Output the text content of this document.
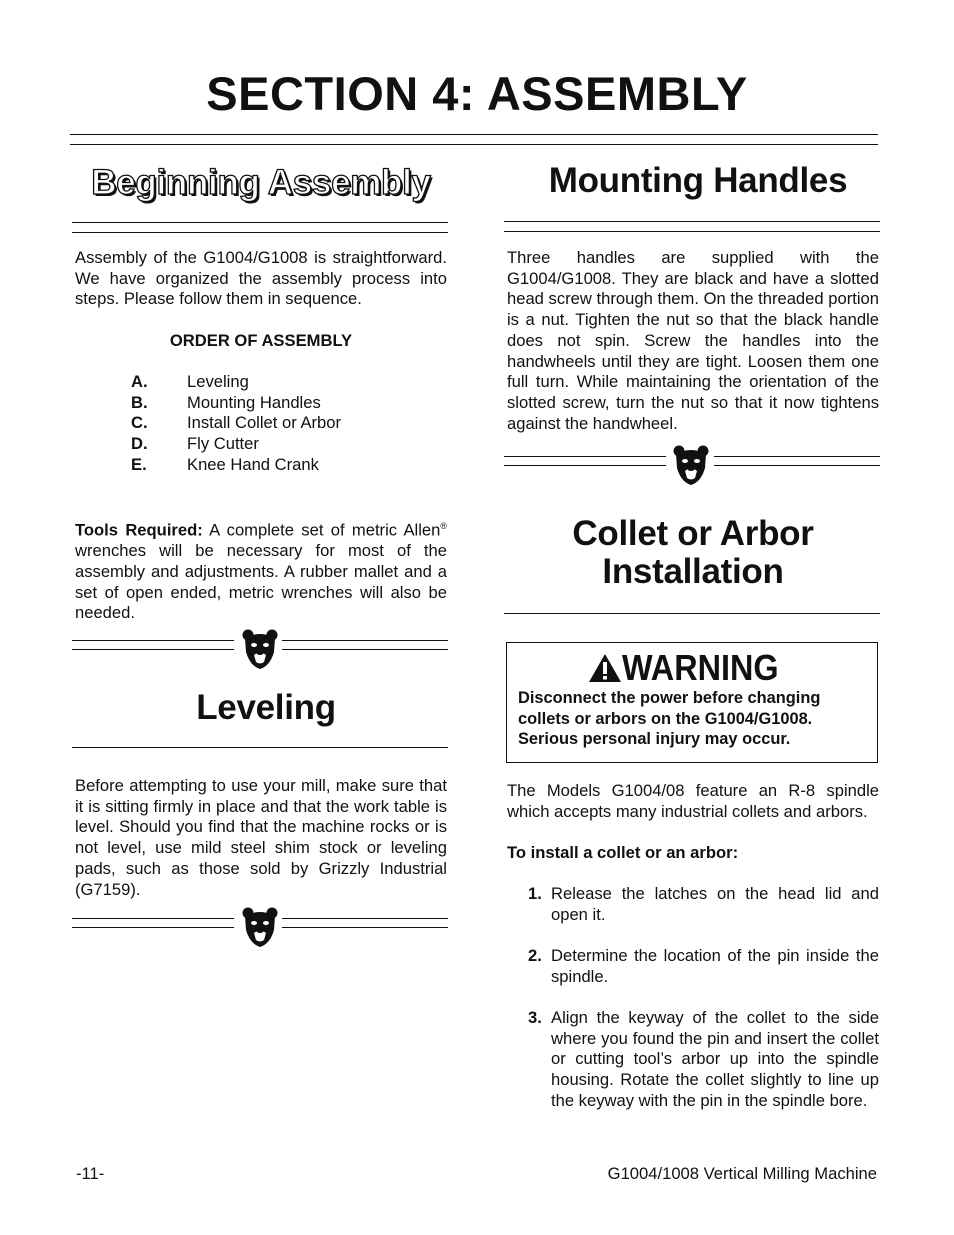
SECTION 4: ASSEMBLY
Beginning Assembly

Assembly of the G1004/G1008 is straightforward. We have organized the assembly process into steps. Please follow them in sequence.

ORDER OF ASSEMBLY

A.	Leveling
B.	Mounting Handles
C.	Install Collet or Arbor
D.	Fly Cutter
E.	Knee Hand Crank

Tools Required: A complete set of metric Allen® wrenches will be necessary for most of the assembly and adjustments. A rubber mallet and a set of open ended, metric wrenches will also be needed.

Leveling

Before attempting to use your mill, make sure that it is sitting firmly in place and that the work table is level. Should you find that the machine rocks or is not level, use mild steel shim stock or leveling pads, such as those sold by Grizzly Industrial (G7159).

Mounting Handles

Three handles are supplied with the G1004/G1008. They are black and have a slotted head screw through them. On the threaded portion is a nut. Tighten the nut so that the black handle does not spin. Screw the handles into the handwheels until they are tight. Loosen them one full turn. While maintaining the orientation of the slotted screw, turn the nut so that it now tightens against the handwheel.

Collet or Arbor
Installation
WARNING

Disconnect the power before changing collets or arbors on the G1004/G1008. Serious personal injury may occur.

The Models G1004/08 feature an R-8 spindle which accepts many industrial collets and arbors.

To install a collet or an arbor:

1. Release the latches on the head lid and open it.
2. Determine the location of the pin inside the spindle.
3. Align the keyway of the collet to the side where you found the pin and insert the collet or cutting tool’s arbor up into the spindle housing. Rotate the collet slightly to line up the keyway with the pin in the spindle bore.

-11-	G1004/1008 Vertical Milling Machine
